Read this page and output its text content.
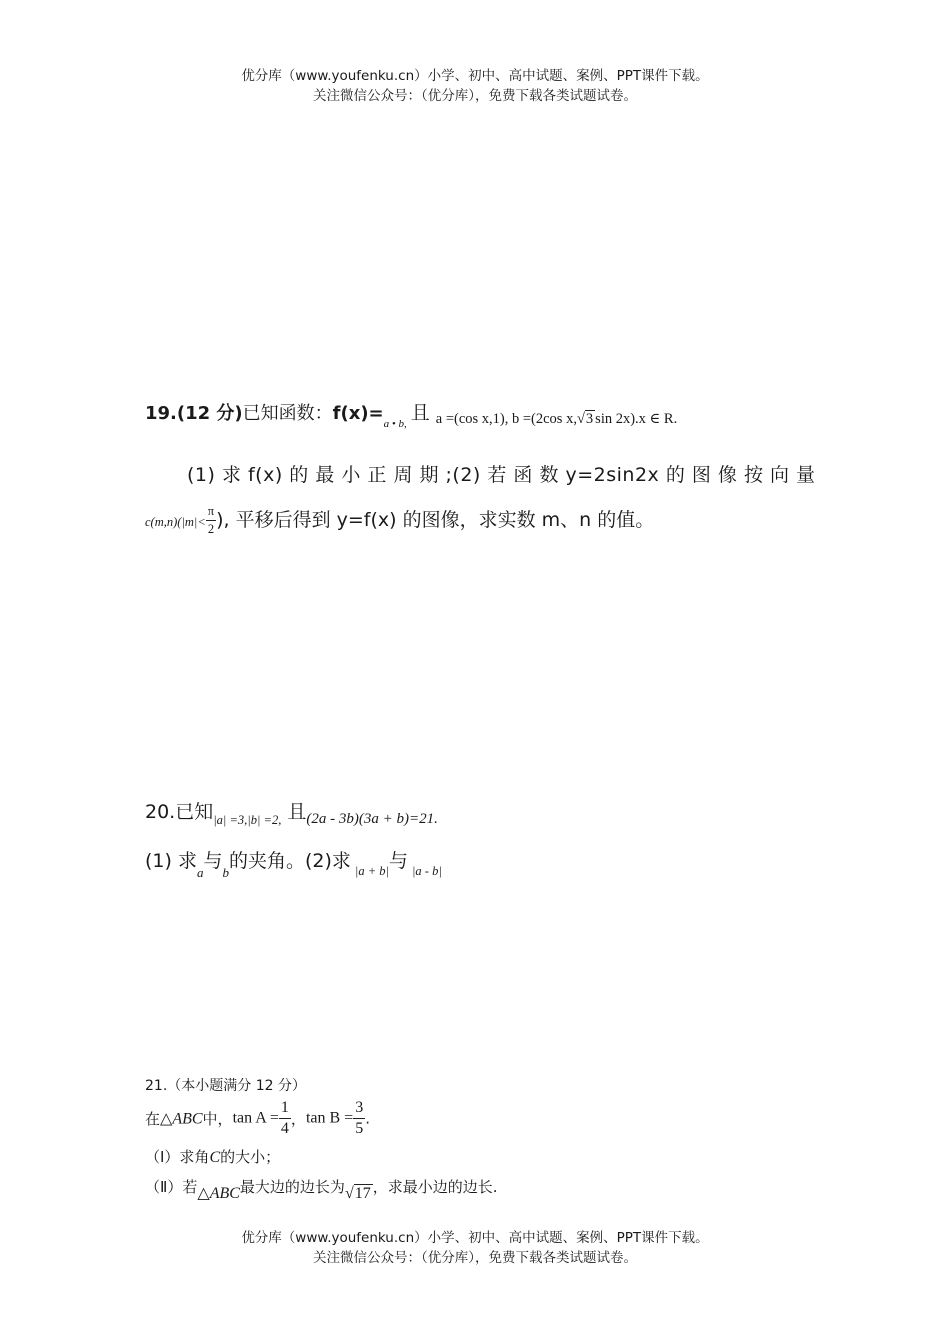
优分库（www.youfenku.cn）小学、初中、高中试题、案例、PPT课件下载。
关注微信公众号：（优分库），免费下载各类试题试卷。
19.(12 分)已知函数：$f(x)=_{a • b,}$ 且 $_{a =(cos x,1), b =(2cos x,√3 sin 2x).x \in R.}$
(1) 求 f(x) 的 最 小 正 周 期 ;(2) 若 函 数 y=2sin2x 的 图 像 按 向 量
$c(m,n)(|m|< \frac{\pi}{2}$ ), 平移后得到 y=f(x) 的图像，求实数 m、n 的值。
20.已知$_{|a| =3,|b| =2,}$ 且$_{(2a - 3b)(3a + b)=21.}$
(1) 求$_a$与$_b$的夹角。(2)求 $_{|a + b|}$与 $_{|a - b|}$
21.（本小题满分 12 分）
在△ABC中，$\tan A = \frac{1}{4}$ ，$\tan B = \frac{3}{5}$ .
（Ⅰ）求角C的大小；
（Ⅱ）若△ABC最大边的边长为√17 ，求最小边的边长.
优分库（www.youfenku.cn）小学、初中、高中试题、案例、PPT课件下载。
关注微信公众号：（优分库），免费下载各类试题试卷。
